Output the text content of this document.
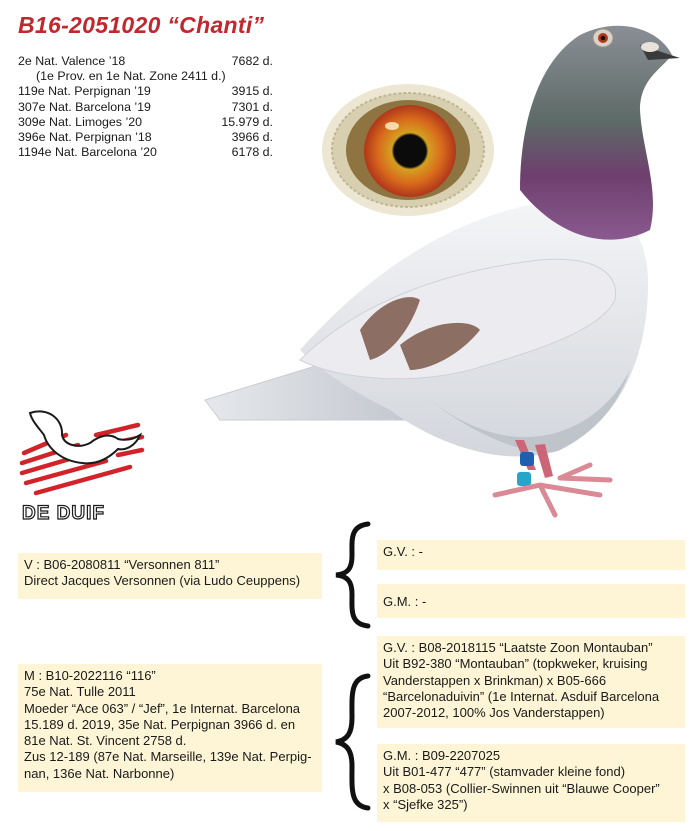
B16-2051020 “Chanti”
2e Nat. Valence ’18	7682 d.
(1e Prov. en 1e Nat. Zone 2411 d.)
119e Nat. Perpignan ’19	3915 d.
307e Nat. Barcelona ’19	7301 d.
309e Nat. Limoges ’20	15.979 d.
396e Nat. Perpignan ’18	3966 d.
1194e Nat. Barcelona ’20	6178 d.
DE DUIF
V : B06-2080811 “Versonnen 811”
Direct Jacques Versonnen (via Ludo Ceuppens)
G.V. : -
G.M. : -
M : B10-2022116 “116”
75e Nat. Tulle 2011
Moeder “Ace 063” / “Jef”, 1e Internat. Barcelona
15.189 d. 2019, 35e Nat. Perpignan 3966 d. en
81e Nat. St. Vincent 2758 d.
Zus 12-189 (87e Nat. Marseille, 139e Nat. Perpig-
nan, 136e Nat. Narbonne)
G.V. : B08-2018115 “Laatste Zoon Montauban”
Uit B92-380 “Montauban” (topkweker, kruising
Vanderstappen x Brinkman) x B05-666
“Barcelonaduivin” (1e Internat. Asduif Barcelona
2007-2012, 100% Jos Vanderstappen)
G.M. : B09-2207025
Uit B01-477 “477” (stamvader kleine fond)
x B08-053 (Collier-Swinnen uit “Blauwe Cooper”
x “Sjefke 325”)
